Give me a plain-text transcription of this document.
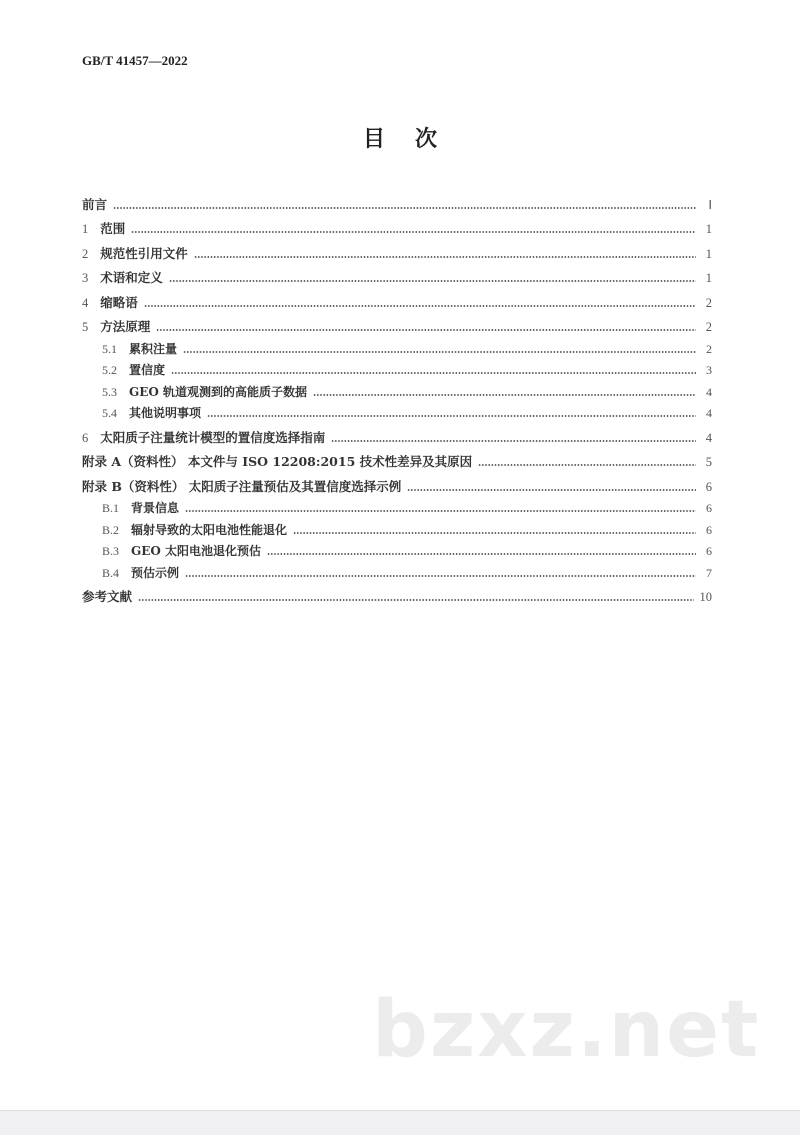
GB/T 41457—2022
目次
前言	Ⅰ
1 范围	1
2 规范性引用文件	1
3 术语和定义	1
4 缩略语	2
5 方法原理	2
5.1 累积注量	2
5.2 置信度	3
5.3 GEO 轨道观测到的高能质子数据	4
5.4 其他说明事项	4
6 太阳质子注量统计模型的置信度选择指南	4
附录 A（资料性） 本文件与 ISO 12208:2015 技术性差异及其原因	5
附录 B（资料性） 太阳质子注量预估及其置信度选择示例	6
B.1 背景信息	6
B.2 辐射导致的太阳电池性能退化	6
B.3 GEO 太阳电池退化预估	6
B.4 预估示例	7
参考文献	10
bzxz.net
